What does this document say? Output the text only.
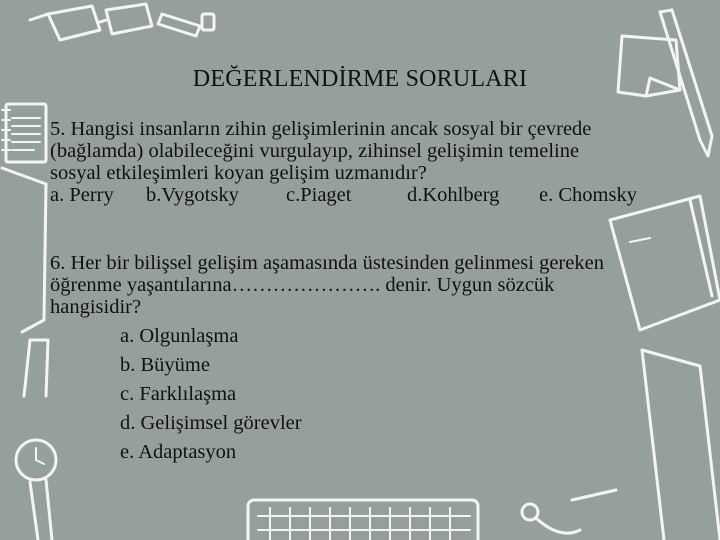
DEĞERLENDİRME SORULARI
5. Hangisi insanların zihin gelişimlerinin ancak sosyal bir çevrede
(bağlamda) olabileceğini vurgulayıp, zihinsel gelişimin temeline
sosyal etkileşimleri koyan gelişim uzmanıdır?
a. Perry	b.Vygotsky	c.Piaget	d.Kohlberg	e. Chomsky
6. Her bir bilişsel gelişim aşamasında üstesinden gelinmesi gereken
öğrenme yaşantılarına…………………. denir. Uygun sözcük
hangisidir?
a. Olgunlaşma
b. Büyüme
c. Farklılaşma
d. Gelişimsel görevler
e. Adaptasyon
